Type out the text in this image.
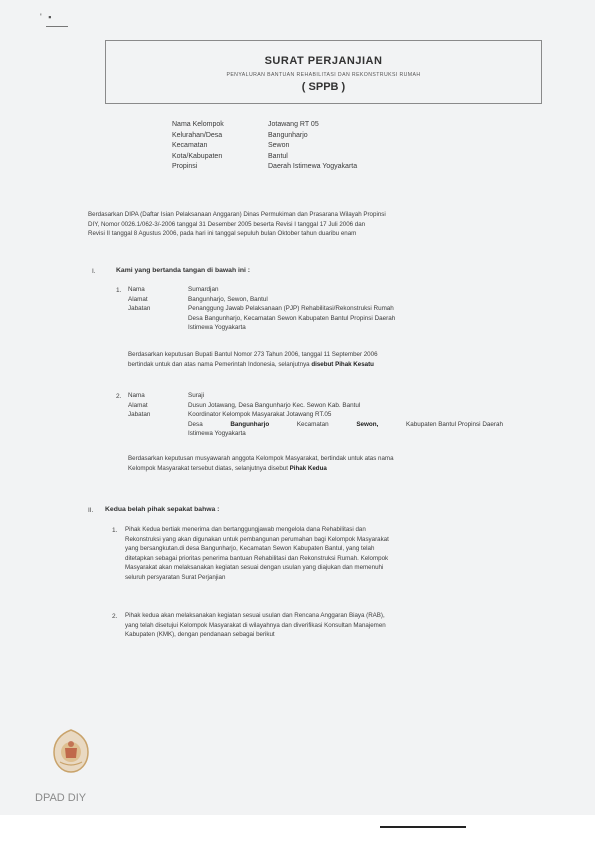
' ▪
SURAT PERJANJIAN
PENYALURAN BANTUAN REHABILITASI DAN REKONSTRUKSI RUMAH
( SPPB )
Nama Kelompok	Jotawang RT 05
Kelurahan/Desa	Bangunharjo
Kecamatan	Sewon
Kota/Kabupaten	Bantul
Propinsi	Daerah Istimewa Yogyakarta
Berdasarkan DIPA (Daftar Isian Pelaksanaan Anggaran) Dinas Permukiman dan Prasarana Wilayah Propinsi
DIY, Nomor 0026.1/062-3/-2006 tanggal 31 Desember 2005 beserta Revisi I tanggal 17 Juli 2006 dan
Revisi II tanggal 8 Agustus 2006, pada hari ini tanggal sepuluh bulan Oktober tahun duaribu enam
I.	Kami yang bertanda tangan di bawah ini :
1. Nama	Sumardjan
Alamat	Bangunharjo, Sewon, Bantul
Jabatan	Penanggung Jawab Pelaksanaan (PJP) Rehabilitasi/Rekonstruksi Rumah
Desa Bangunharjo, Kecamatan Sewon Kabupaten Bantul Propinsi Daerah
Istimewa Yogyakarta
Berdasarkan keputusan Bupati Bantul Nomor 273 Tahun 2006, tanggal 11 September 2006
bertindak untuk dan atas nama Pemerintah Indonesia, selanjutnya disebut Pihak Kesatu
2. Nama	Suraji
Alamat	Dusun Jotawang, Desa Bangunharjo Kec. Sewon Kab. Bantul
Jabatan	Koordinator Kelompok Masyarakat Jotawang RT.05
Desa	Bangunharjo	Kecamatan	Sewon,	Kabupaten Bantul Propinsi Daerah
Istimewa Yogyakarta
Berdasarkan keputusan musyawarah anggota Kelompok Masyarakat, bertindak untuk atas nama
Kelompok Masyarakat tersebut diatas, selanjutnya disebut Pihak Kedua
II. Kedua belah pihak sepakat bahwa :
1. Pihak Kedua bertiak menerima dan bertanggungjawab mengelola dana Rehabilitasi dan
Rekonstruksi yang akan digunakan untuk pembangunan perumahan bagi Kelompok Masyarakat
yang bersangkutan.di desa Bangunharjo, Kecamatan Sewon Kabupaten Bantul, yang telah
ditetapkan sebagai prioritas penerima bantuan Rehabilitasi dan Rekonstruksi Rumah. Kelompok
Masyarakat akan melaksanakan kegiatan sesuai dengan usulan yang diajukan dan memenuhi
seluruh persyaratan Surat Perjanjian
2. Pihak kedua akan melaksanakan kegiatan sesuai usulan dan Rencana Anggaran Biaya (RAB),
yang telah disetujui Kelompok Masyarakat di wilayahnya dan diverifikasi Konsultan Manajemen
Kabupaten (KMK), dengan pendanaan sebagai berikut
DPAD DIY
